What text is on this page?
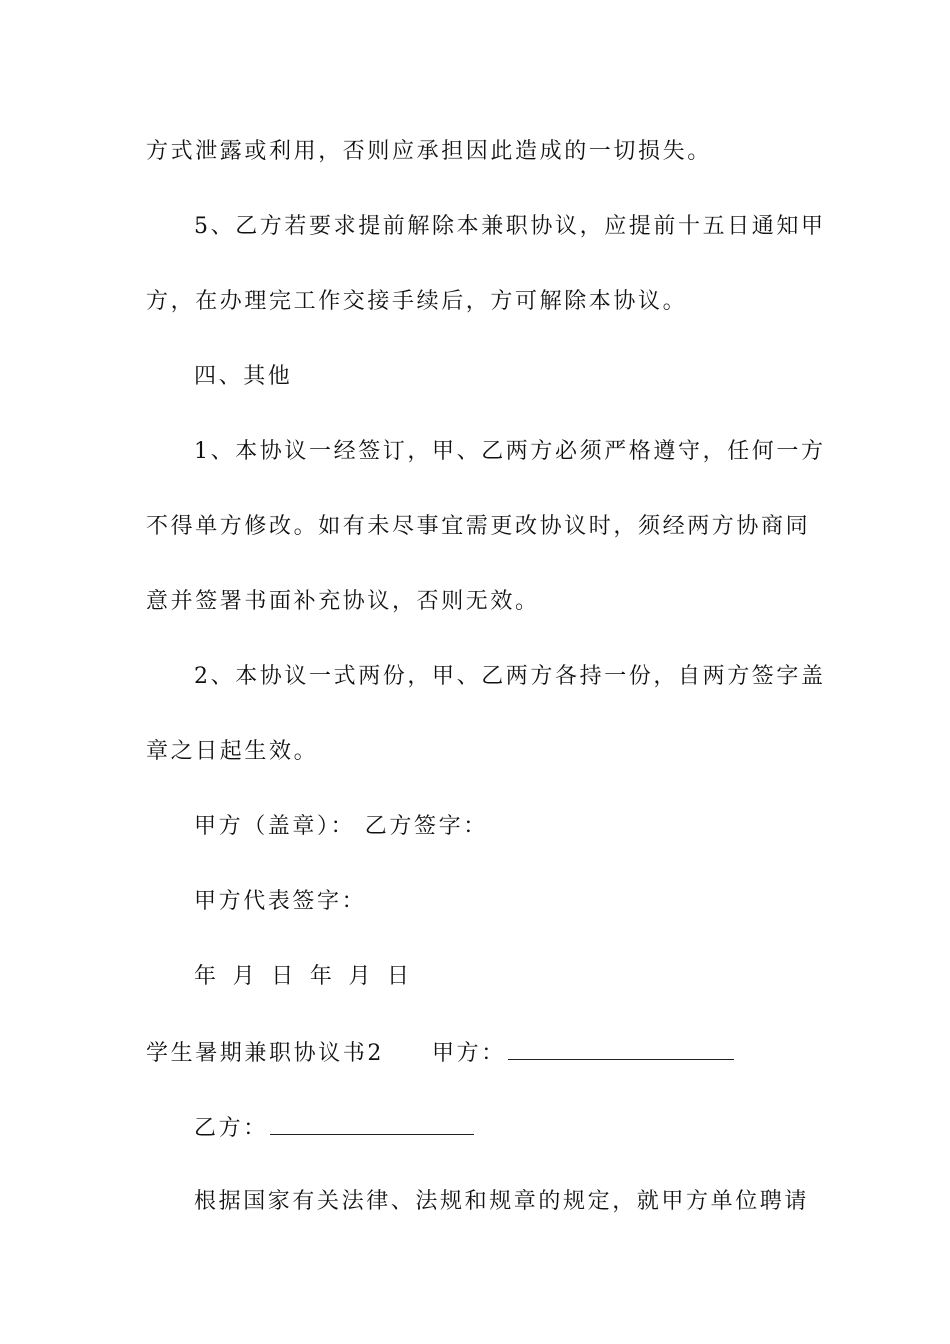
方式泄露或利用，否则应承担因此造成的一切损失。
5、乙方若要求提前解除本兼职协议，应提前十五日通知甲
方，在办理完工作交接手续后，方可解除本协议。
四、其他
1、本协议一经签订，甲、乙两方必须严格遵守，任何一方
不得单方修改。如有未尽事宜需更改协议时，须经两方协商同
意并签署书面补充协议，否则无效。
2、本协议一式两份，甲、乙两方各持一份，自两方签字盖
章之日起生效。
甲方（盖章）： 乙方签字：
甲方代表签字：
年 月 日 年 月 日
学生暑期兼职协议书2 甲方：
乙方：
根据国家有关法律、法规和规章的规定，就甲方单位聘请
